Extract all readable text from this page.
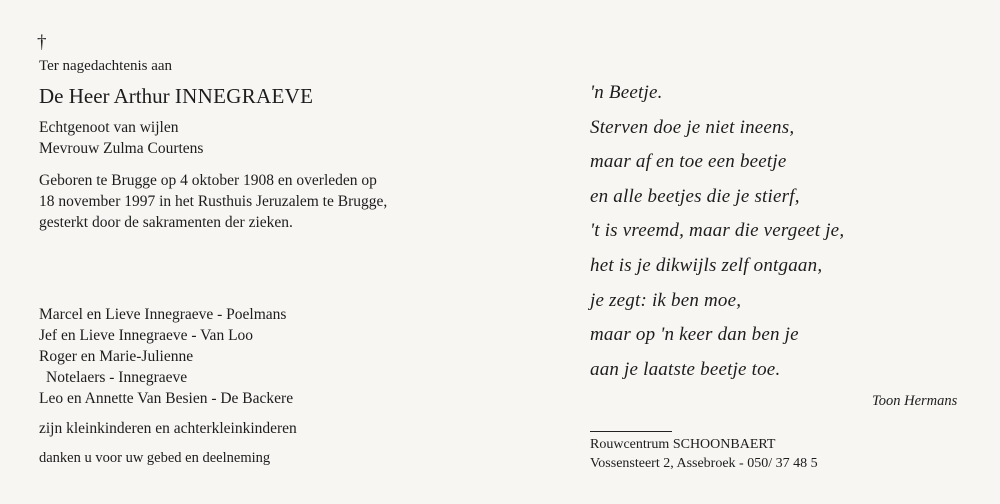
†
Ter nagedachtenis aan
De Heer Arthur INNEGRAEVE
Echtgenoot van wijlen
Mevrouw Zulma Courtens
Geboren te Brugge op 4 oktober 1908 en overleden op
18 november 1997 in het Rusthuis Jeruzalem te Brugge,
gesterkt door de sakramenten der zieken.
Marcel en Lieve Innegraeve - Poelmans
Jef en Lieve Innegraeve - Van Loo
Roger en Marie-Julienne
Notelaers - Innegraeve
Leo en Annette Van Besien - De Backere
zijn kleinkinderen en achterkleinkinderen
danken u voor uw gebed en deelneming
'n Beetje.
Sterven doe je niet ineens,
maar af en toe een beetje
en alle beetjes die je stierf,
't is vreemd, maar die vergeet je,
het is je dikwijls zelf ontgaan,
je zegt: ik ben moe,
maar op 'n keer dan ben je
aan je laatste beetje toe.
Toon Hermans
Rouwcentrum SCHOONBAERT
Vossensteert 2, Assebroek - 050/ 37 48 5
